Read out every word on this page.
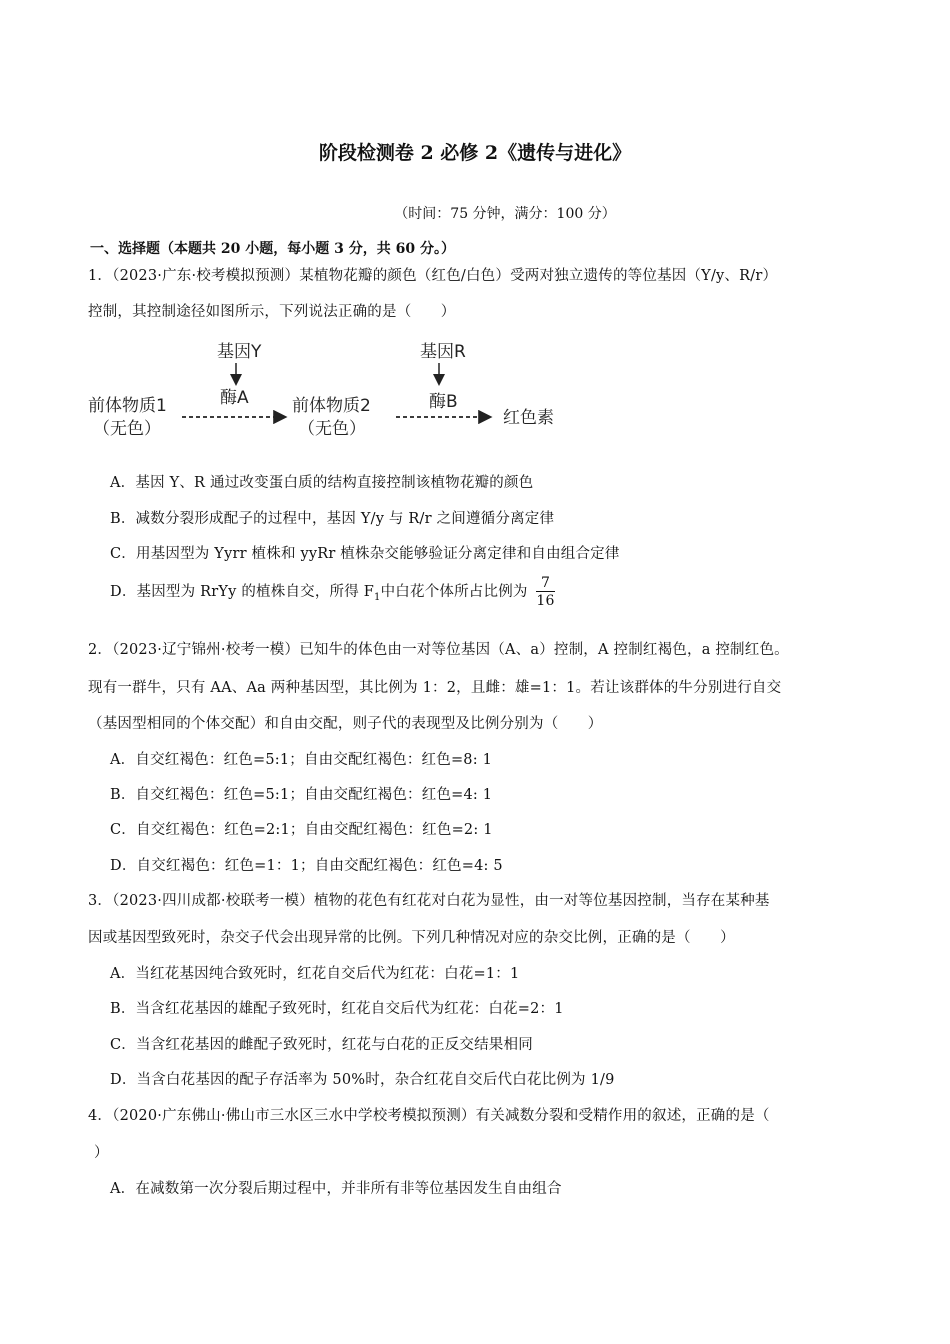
阶段检测卷 2 必修 2《遗传与进化》
（时间：75 分钟，满分：100 分）
一、选择题（本题共 20 小题，每小题 3 分，共 60 分。）
1．（2023·广东·校考模拟预测）某植物花瓣的颜色（红色/白色）受两对独立遗传的等位基因（Y/y、R/r）
控制，其控制途径如图所示，下列说法正确的是（　　）
基因Y
酶A
基因R
酶B
前体物质1
（无色）
前体物质2
（无色）
红色素
A．基因 Y、R 通过改变蛋白质的结构直接控制该植物花瓣的颜色
B．减数分裂形成配子的过程中，基因 Y/y 与 R/r 之间遵循分离定律
C．用基因型为 Yyrr 植株和 yyRr 植株杂交能够验证分离定律和自由组合定律
D．基因型为 RrYy 的植株自交，所得 $F_1$中白花个体所占比例为 $\frac{7}{16}$
2．（2023·辽宁锦州·校考一模）已知牛的体色由一对等位基因（A、a）控制，A 控制红褐色，a 控制红色。
现有一群牛，只有 AA、Aa 两种基因型，其比例为 1：2，且雌：雄=1：1。若让该群体的牛分别进行自交
（基因型相同的个体交配）和自由交配，则子代的表现型及比例分别为（　　）
A．自交红褐色：红色=5:1；自由交配红褐色：红色=8: 1
B．自交红褐色：红色=5:1；自由交配红褐色：红色=4: 1
C．自交红褐色：红色=2:1；自由交配红褐色：红色=2: 1
D．自交红褐色：红色=1：1；自由交配红褐色：红色=4: 5
3．（2023·四川成都·校联考一模）植物的花色有红花对白花为显性，由一对等位基因控制，当存在某种基
因或基因型致死时，杂交子代会出现异常的比例。下列几种情况对应的杂交比例，正确的是（　　）
A．当红花基因纯合致死时，红花自交后代为红花：白花=1：1
B．当含红花基因的雄配子致死时，红花自交后代为红花：白花=2：1
C．当含红花基因的雌配子致死时，红花与白花的正反交结果相同
D．当含白花基因的配子存活率为 50%时，杂合红花自交后代白花比例为 1/9
4．（2020·广东佛山·佛山市三水区三水中学校考模拟预测）有关减数分裂和受精作用的叙述，正确的是（
）
A．在减数第一次分裂后期过程中，并非所有非等位基因发生自由组合
